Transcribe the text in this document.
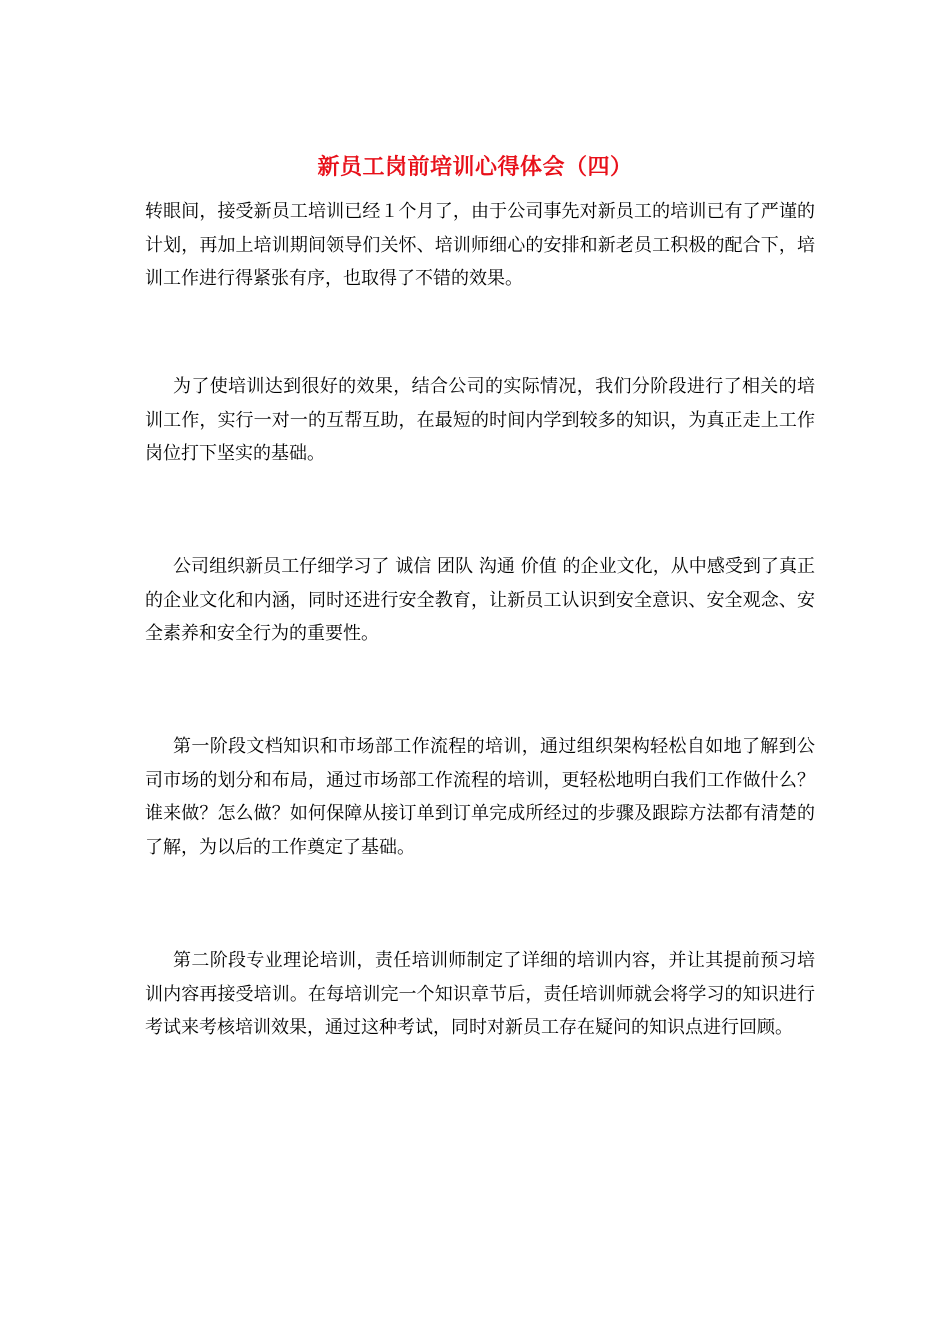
新员工岗前培训心得体会（四）

转眼间，接受新员工培训已经１个月了，由于公司事先对新员工的培训已有了严谨的计划，再加上培训期间领导们关怀、培训师细心的安排和新老员工积极的配合下，培训工作进行得紧张有序，也取得了不错的效果。

为了使培训达到很好的效果，结合公司的实际情况，我们分阶段进行了相关的培训工作，实行一对一的互帮互助，在最短的时间内学到较多的知识，为真正走上工作岗位打下坚实的基础。

公司组织新员工仔细学习了 诚信 团队 沟通 价值 的企业文化，从中感受到了真正的企业文化和内涵，同时还进行安全教育，让新员工认识到安全意识、安全观念、安全素养和安全行为的重要性。

第一阶段文档知识和市场部工作流程的培训，通过组织架构轻松自如地了解到公司市场的划分和布局，通过市场部工作流程的培训，更轻松地明白我们工作做什么？谁来做？怎么做？如何保障从接订单到订单完成所经过的步骤及跟踪方法都有清楚的了解，为以后的工作奠定了基础。

第二阶段专业理论培训，责任培训师制定了详细的培训内容，并让其提前预习培训内容再接受培训。在每培训完一个知识章节后，责任培训师就会将学习的知识进行考试来考核培训效果，通过这种考试，同时对新员工存在疑问的知识点进行回顾。
